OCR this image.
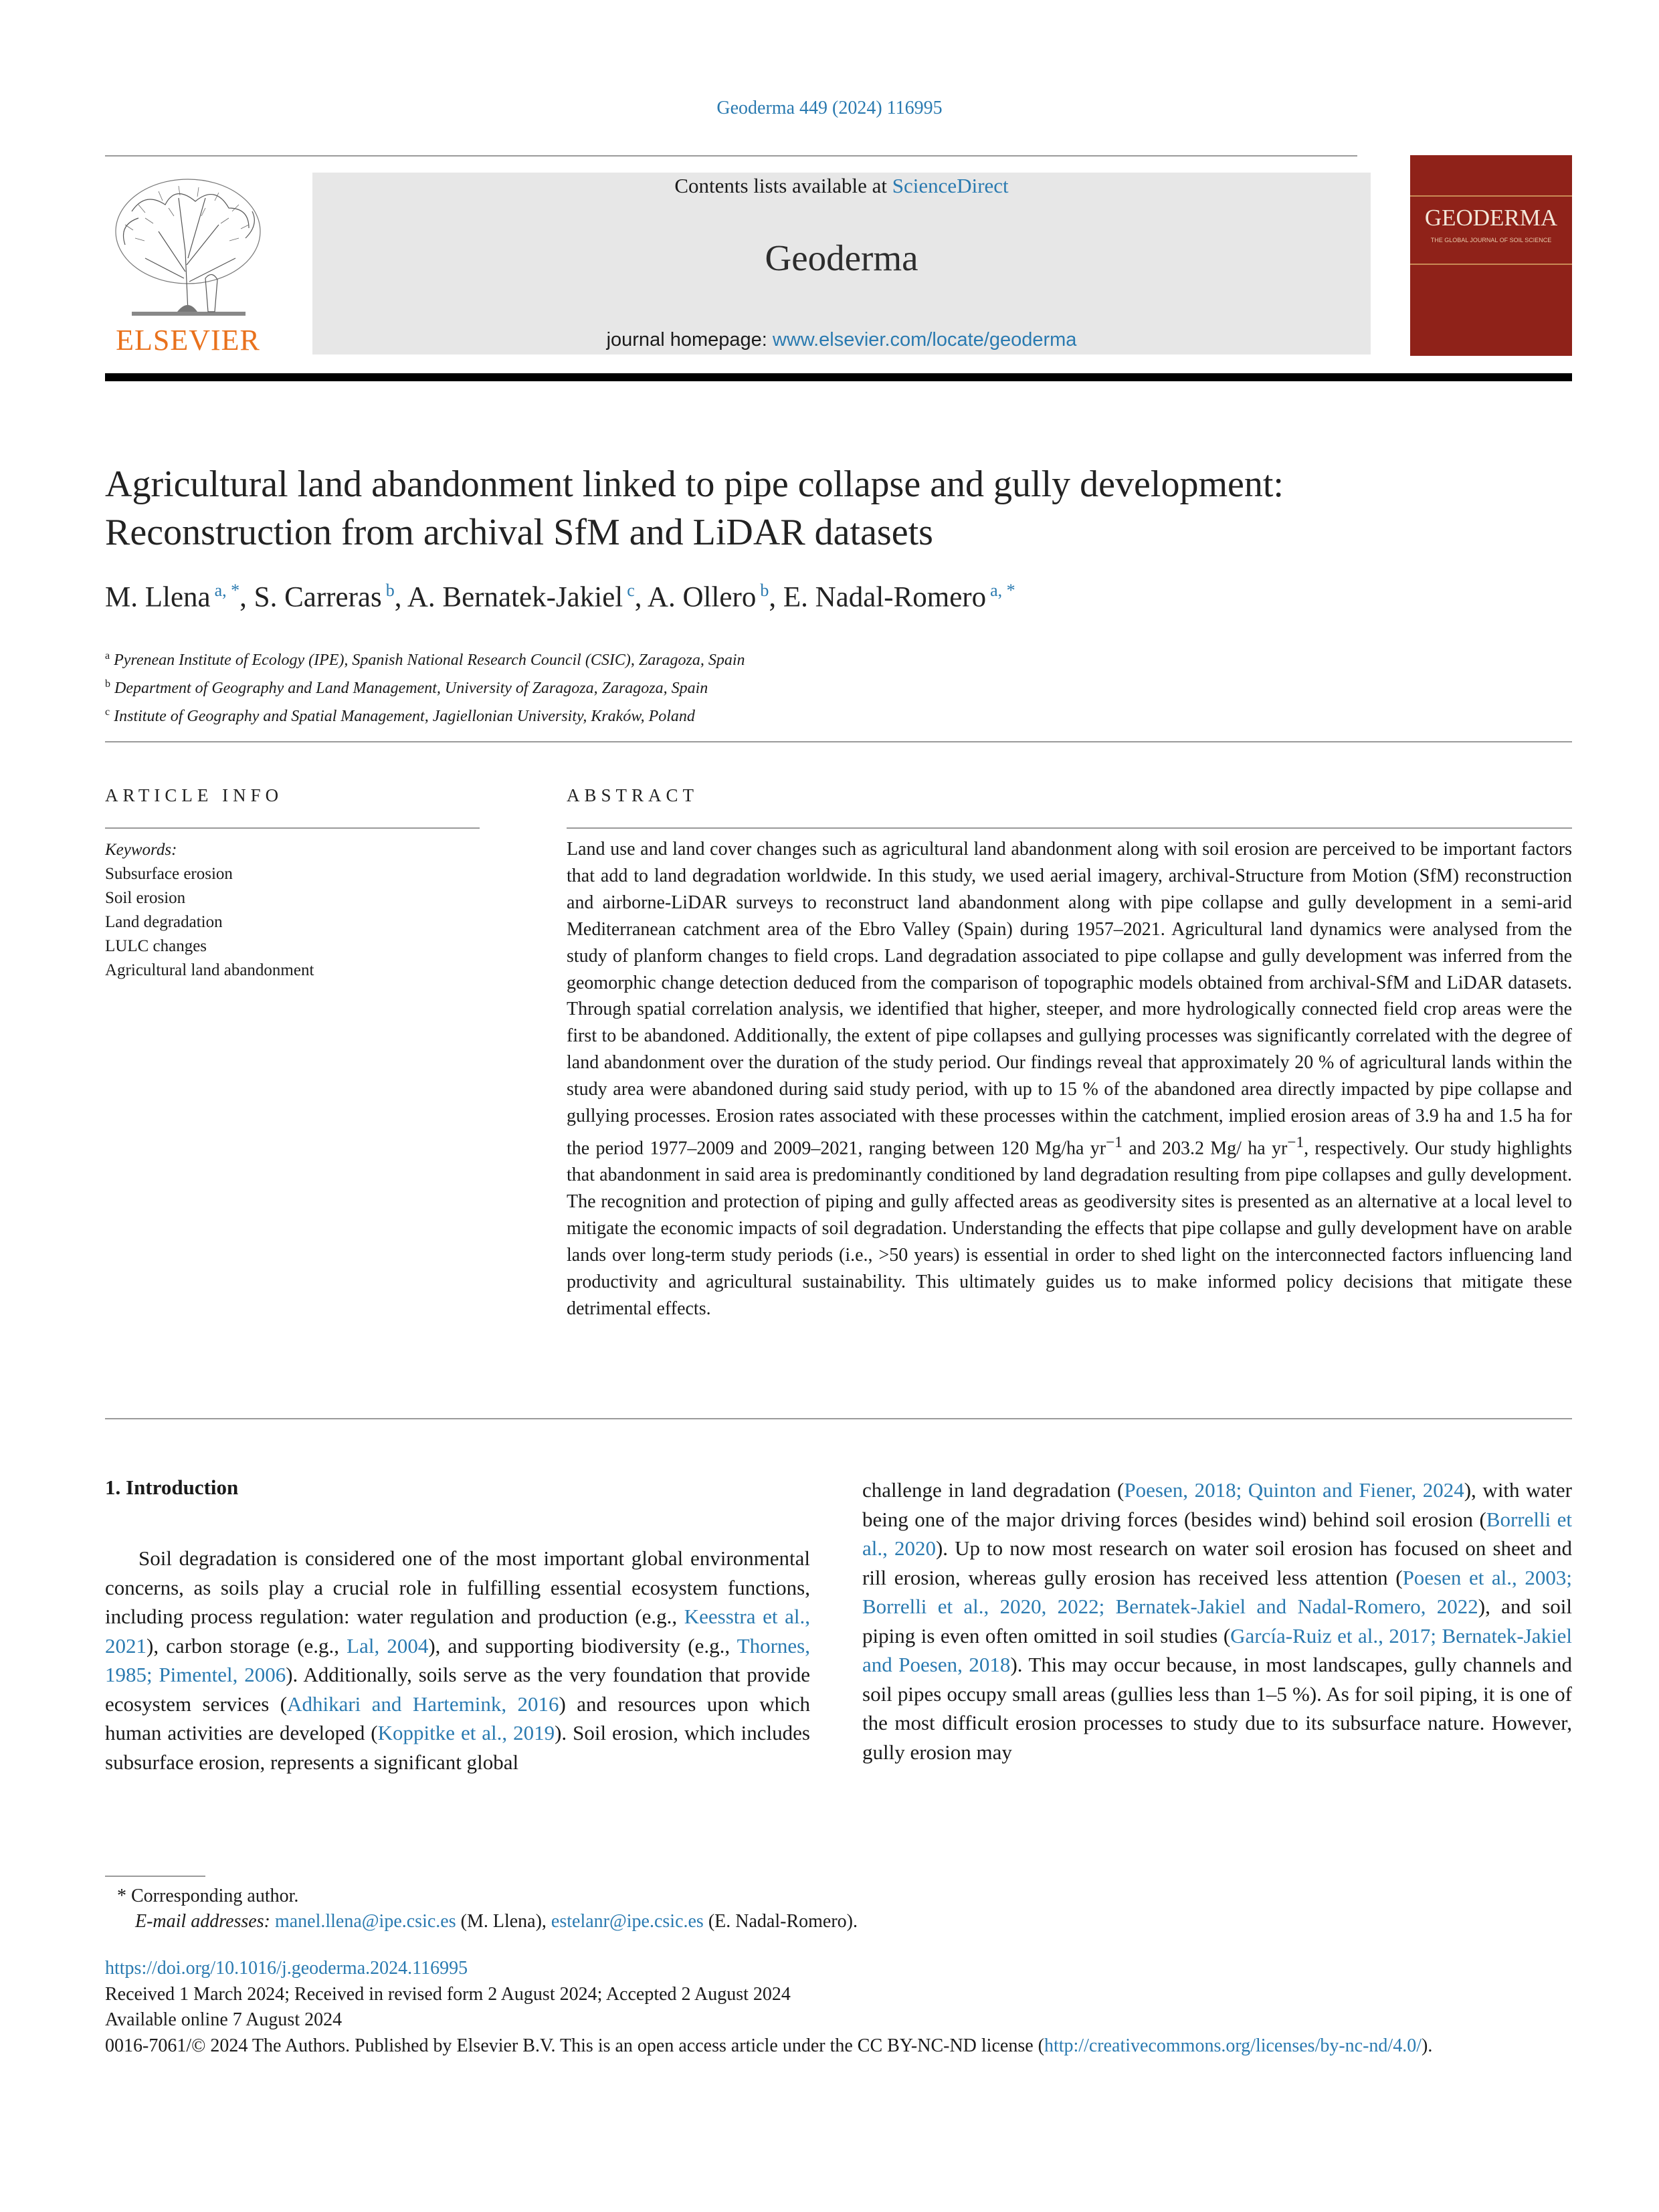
Geoderma 449 (2024) 116995
ELSEVIER
Contents lists available at ScienceDirect
Geoderma
journal homepage: www.elsevier.com/locate/geoderma
GEODERMA
THE GLOBAL JOURNAL OF SOIL SCIENCE
Agricultural land abandonment linked to pipe collapse and gully development: Reconstruction from archival SfM and LiDAR datasets
M. Llena $^{a, *}$, S. Carreras $^b$, A. Bernatek-Jakiel $^c$, A. Ollero $^b$, E. Nadal-Romero $^{a, *}$
$^a$ Pyrenean Institute of Ecology (IPE), Spanish National Research Council (CSIC), Zaragoza, Spain
$^b$ Department of Geography and Land Management, University of Zaragoza, Zaragoza, Spain
$^c$ Institute of Geography and Spatial Management, Jagiellonian University, Kraków, Poland
ARTICLE INFO
Keywords:
Subsurface erosion
Soil erosion
Land degradation
LULC changes
Agricultural land abandonment
ABSTRACT
Land use and land cover changes such as agricultural land abandonment along with soil erosion are perceived to be important factors that add to land degradation worldwide. In this study, we used aerial imagery, archival-Structure from Motion (SfM) reconstruction and airborne-LiDAR surveys to reconstruct land abandonment along with pipe collapse and gully development in a semi-arid Mediterranean catchment area of the Ebro Valley (Spain) during 1957–2021. Agricultural land dynamics were analysed from the study of planform changes to field crops. Land degradation associated to pipe collapse and gully development was inferred from the geomorphic change detection deduced from the comparison of topographic models obtained from archival-SfM and LiDAR datasets. Through spatial correlation analysis, we identified that higher, steeper, and more hydrologically connected field crop areas were the first to be abandoned. Additionally, the extent of pipe collapses and gullying processes was significantly correlated with the degree of land abandonment over the duration of the study period. Our findings reveal that approximately 20 % of agricultural lands within the study area were abandoned during said study period, with up to 15 % of the abandoned area directly impacted by pipe collapse and gullying processes. Erosion rates associated with these processes within the catchment, implied erosion areas of 3.9 ha and 1.5 ha for the period 1977–2009 and 2009–2021, ranging between 120 Mg/ha $yr^{-1}$ and 203.2 Mg/ ha $yr^{-1}$, respectively. Our study highlights that abandonment in said area is predominantly conditioned by land degradation resulting from pipe collapses and gully development. The recognition and protection of piping and gully affected areas as geodiversity sites is presented as an alternative at a local level to mitigate the economic impacts of soil degradation. Understanding the effects that pipe collapse and gully development have on arable lands over long-term study periods (i.e., >50 years) is essential in order to shed light on the interconnected factors influencing land productivity and agricultural sustainability. This ultimately guides us to make informed policy decisions that mitigate these detrimental effects.
1. Introduction
Soil degradation is considered one of the most important global environmental concerns, as soils play a crucial role in fulfilling essential ecosystem functions, including process regulation: water regulation and production (e.g., Keesstra et al., 2021), carbon storage (e.g., Lal, 2004), and supporting biodiversity (e.g., Thornes, 1985; Pimentel, 2006). Additionally, soils serve as the very foundation that provide ecosystem services (Adhikari and Hartemink, 2016) and resources upon which human activities are developed (Koppitke et al., 2019). Soil erosion, which includes subsurface erosion, represents a significant global
challenge in land degradation (Poesen, 2018; Quinton and Fiener, 2024), with water being one of the major driving forces (besides wind) behind soil erosion (Borrelli et al., 2020). Up to now most research on water soil erosion has focused on sheet and rill erosion, whereas gully erosion has received less attention (Poesen et al., 2003; Borrelli et al., 2020, 2022; Bernatek-Jakiel and Nadal-Romero, 2022), and soil piping is even often omitted in soil studies (García-Ruiz et al., 2017; Bernatek-Jakiel and Poesen, 2018). This may occur because, in most landscapes, gully channels and soil pipes occupy small areas (gullies less than 1–5 %). As for soil piping, it is one of the most difficult erosion processes to study due to its subsurface nature. However, gully erosion may
* Corresponding author.
E-mail addresses: manel.llena@ipe.csic.es (M. Llena), estelanr@ipe.csic.es (E. Nadal-Romero).
https://doi.org/10.1016/j.geoderma.2024.116995
Received 1 March 2024; Received in revised form 2 August 2024; Accepted 2 August 2024
Available online 7 August 2024
0016-7061/© 2024 The Authors. Published by Elsevier B.V. This is an open access article under the CC BY-NC-ND license (http://creativecommons.org/licenses/by-nc-nd/4.0/).
